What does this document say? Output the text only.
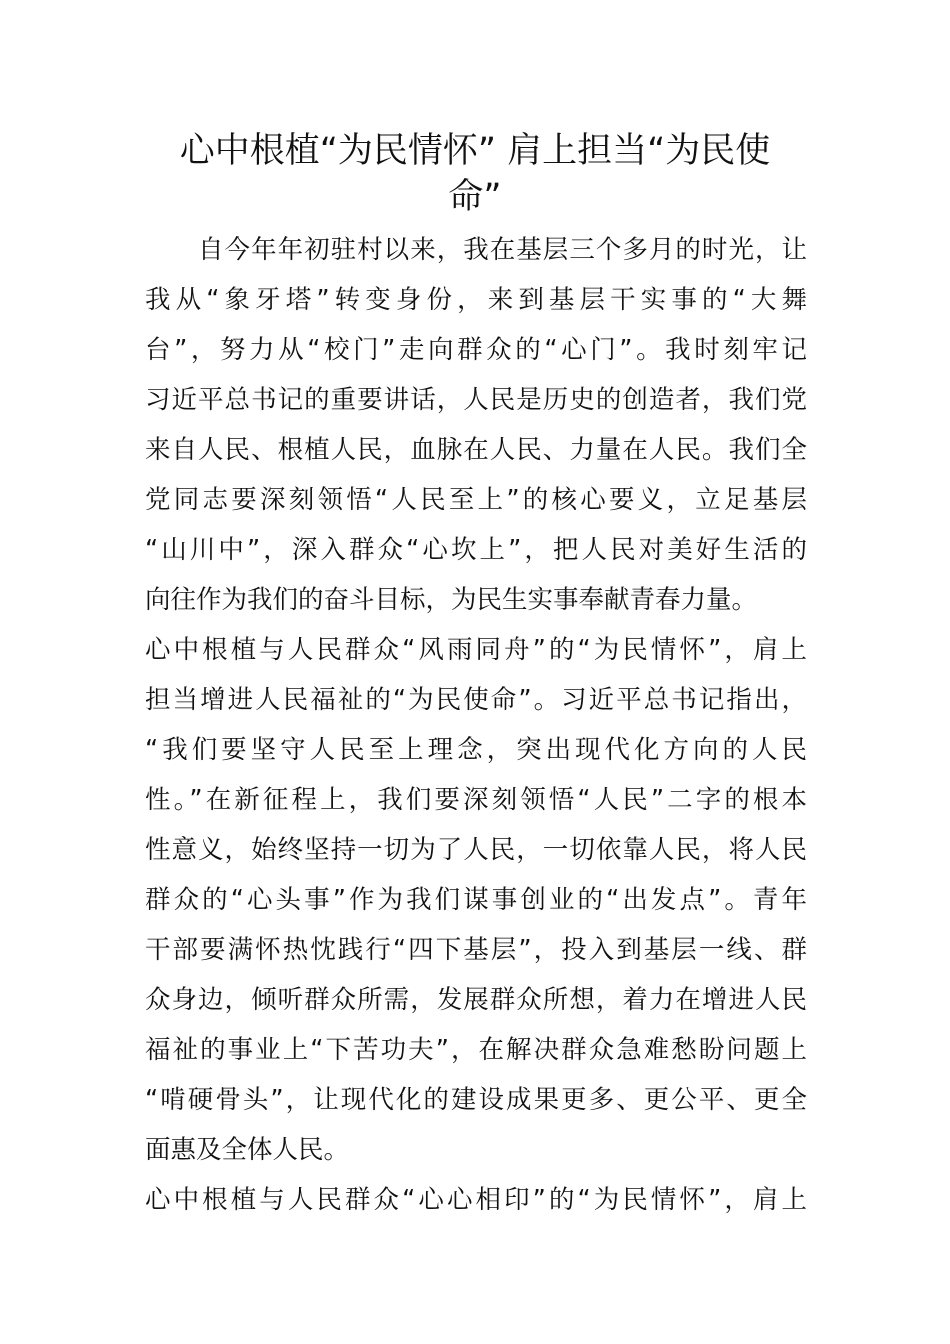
心中根植“为民情怀” 肩上担当“为民使
命”
　　自今年年初驻村以来，我在基层三个多月的时光，让
我从“象牙塔”转变身份，来到基层干实事的“大舞
台”，努力从“校门”走向群众的“心门”。我时刻牢记
习近平总书记的重要讲话，人民是历史的创造者，我们党
来自人民、根植人民，血脉在人民、力量在人民。我们全
党同志要深刻领悟“人民至上”的核心要义，立足基层
“山川中”，深入群众“心坎上”，把人民对美好生活的
向往作为我们的奋斗目标，为民生实事奉献青春力量。
心中根植与人民群众“风雨同舟”的“为民情怀”，肩上
担当增进人民福祉的“为民使命”。习近平总书记指出，
“我们要坚守人民至上理念，突出现代化方向的人民
性。”在新征程上，我们要深刻领悟“人民”二字的根本
性意义，始终坚持一切为了人民，一切依靠人民，将人民
群众的“心头事”作为我们谋事创业的“出发点”。青年
干部要满怀热忱践行“四下基层”，投入到基层一线、群
众身边，倾听群众所需，发展群众所想，着力在增进人民
福祉的事业上“下苦功夫”，在解决群众急难愁盼问题上
“啃硬骨头”，让现代化的建设成果更多、更公平、更全
面惠及全体人民。
心中根植与人民群众“心心相印”的“为民情怀”，肩上
